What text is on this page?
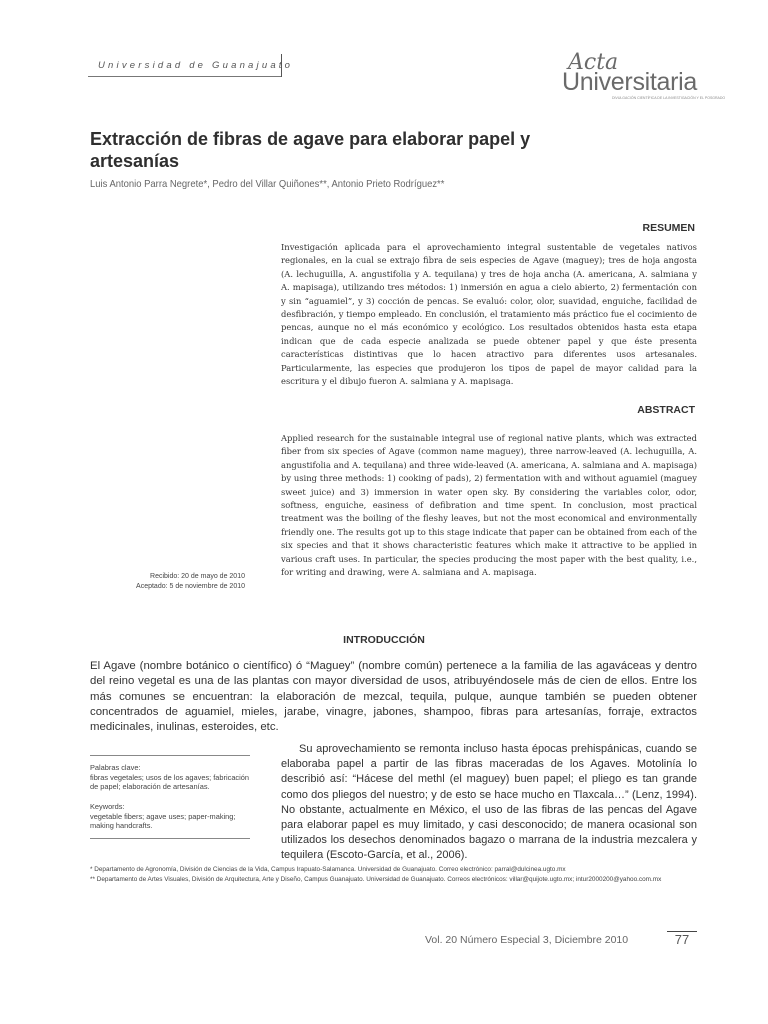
Universidad de Guanajuato	Acta
Universitaria
DIVULGACIÓN CIENTÍFICA DE LA INVESTIGACIÓN Y EL POSGRADO
Extracción de fibras de agave para elaborar papel y artesanías
Luis Antonio Parra Negrete*, Pedro del Villar Quiñones**, Antonio Prieto Rodríguez**
RESUMEN
Investigación aplicada para el aprovechamiento integral sustentable de vegetales nativos regionales, en la cual se extrajo fibra de seis especies de Agave (maguey); tres de hoja angosta (A. lechuguilla, A. angustifolia y A. tequilana) y tres de hoja ancha (A. americana, A. salmiana y A. mapisaga), utilizando tres métodos: 1) inmersión en agua a cielo abierto, 2) fermentación con y sin “aguamiel”, y 3) cocción de pencas. Se evaluó: color, olor, suavidad, enguiche, facilidad de desfibración, y tiempo empleado. En conclusión, el tratamiento más práctico fue el cocimiento de pencas, aunque no el más económico y ecológico. Los resultados obtenidos hasta esta etapa indican que de cada especie analizada se puede obtener papel y que éste presenta características distintivas que lo hacen atractivo para diferentes usos artesanales. Particularmente, las especies que produjeron los tipos de papel de mayor calidad para la escritura y el dibujo fueron A. salmiana y A. mapisaga.
ABSTRACT
Applied research for the sustainable integral use of regional native plants, which was extracted fiber from six species of Agave (common name maguey), three narrow-leaved (A. lechuguilla, A. angustifolia and A. tequilana) and three wide-leaved (A. americana, A. salmiana and A. mapisaga) by using three methods: 1) cooking of pads), 2) fermentation with and without aguamiel (maguey sweet juice) and 3) immersion in water open sky. By considering the variables color, odor, softness, enguiche, easiness of defibration and time spent. In conclusion, most practical treatment was the boiling of the fleshy leaves, but not the most economical and environmentally friendly one. The results got up to this stage indicate that paper can be obtained from each of the six species and that it shows characteristic features which make it attractive to be applied in various craft uses. In particular, the species producing the most paper with the best quality, i.e., for writing and drawing, were A. salmiana and A. mapisaga.
Recibido: 20 de mayo de 2010
Aceptado: 5 de noviembre de 2010
INTRODUCCIÓN
El Agave (nombre botánico o científico) ó “Maguey” (nombre común) pertenece a la familia de las agaváceas y dentro del reino vegetal es una de las plantas con mayor diversidad de usos, atribuyéndosele más de cien de ellos. Entre los más comunes se encuentran: la elaboración de mezcal, tequila, pulque, aunque también se pueden obtener concentrados de aguamiel, mieles, jarabe, vinagre, jabones, shampoo, fibras para artesanías, forraje, extractos medicinales, inulinas, esteroides, etc.
Palabras clave:
fibras vegetales; usos de los agaves; fabricación de papel; elaboración de artesanías.
Keywords:
vegetable fibers; agave uses; paper-making; making handcrafts.
Su aprovechamiento se remonta incluso hasta épocas prehispánicas, cuando se elaboraba papel a partir de las fibras maceradas de los Agaves. Motolinía lo describió así: “Hácese del methl (el maguey) buen papel; el pliego es tan grande como dos pliegos del nuestro; y de esto se hace mucho en Tlaxcala…” (Lenz, 1994). No obstante, actualmente en México, el uso de las fibras de las pencas del Agave para elaborar papel es muy limitado, y casi desconocido; de manera ocasional son utilizados los desechos denominados bagazo o marrana de la industria mezcalera y tequilera (Escoto-García, et al., 2006).
* Departamento de Agronomía, División de Ciencias de la Vida, Campus Irapuato-Salamanca. Universidad de Guanajuato. Correo electrónico: parral@dulcinea.ugto.mx
** Departamento de Artes Visuales, División de Arquitectura, Arte y Diseño, Campus Guanajuato. Universidad de Guanajuato. Correos electrónicos: villar@quijote.ugto.mx; intur2000200@yahoo.com.mx
Vol. 20 Número Especial 3, Diciembre 2010	77
